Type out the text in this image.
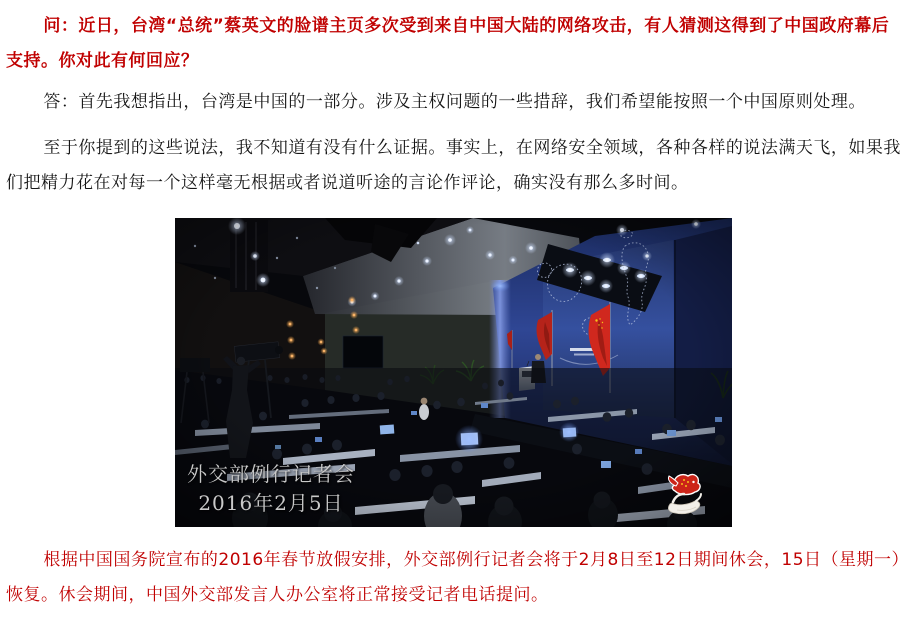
问：近日，台湾“总统”蔡英文的脸谱主页多次受到来自中国大陆的网络攻击，有人猜测这得到了中国政府幕后支持。你对此有何回应？

答：首先我想指出，台湾是中国的一部分。涉及主权问题的一些措辞，我们希望能按照一个中国原则处理。

至于你提到的这些说法，我不知道有没有什么证据。事实上，在网络安全领域，各种各样的说法满天飞，如果我们把精力花在对每一个这样毫无根据或者说道听途的言论作评论，确实没有那么多时间。

外交部例行记者会
2016年2月5日

根据中国国务院宣布的2016年春节放假安排，外交部例行记者会将于2月8日至12日期间休会，15日（星期一）恢复。休会期间，中国外交部发言人办公室将正常接受记者电话提问。
